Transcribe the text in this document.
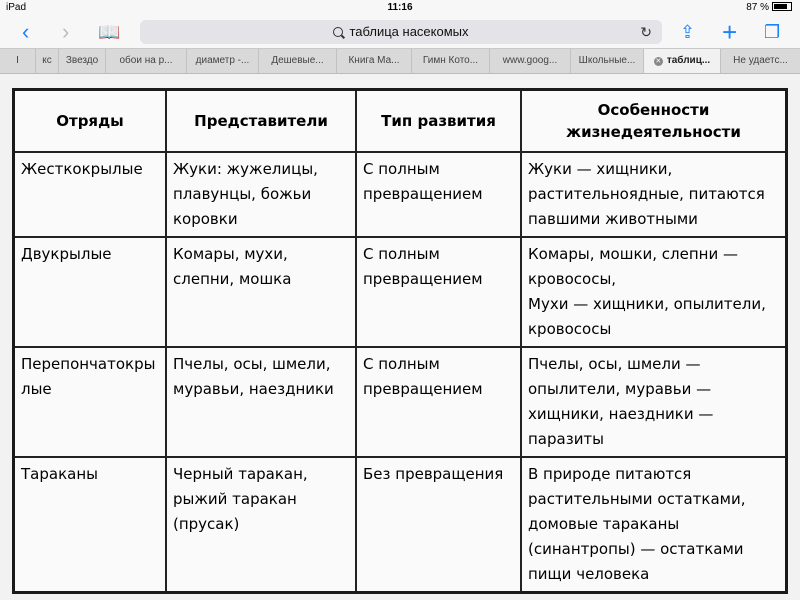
iPad	11:16	87 %
‹ › 📖	таблица насекомых	↻ ⇪ + ❐
Ι	кс	Звездо	обои на р...	диаметр -...	Дешевые...	Книга Ма...	Гимн Кото...	www.goog...	Школьные...	✕ таблиц...	Не удаетс...
Отряды	Представители	Тип развития	Особенности
жизнедеятельности
Жесткокрылые	Жуки: жужелицы, плавунцы, божьи коровки	С полным превращением	Жуки — хищники, растительноядные, питаются павшими животными
Двукрылые	Комары, мухи, слепни, мошка	С полным превращением	Комары, мошки, слепни — кровососы,
Мухи — хищники, опылители, кровососы
Перепончатокрылые	Пчелы, осы, шмели, муравьи, наездники	С полным превращением	Пчелы, осы, шмели — опылители, муравьи — хищники, наездники — паразиты
Тараканы	Черный таракан, рыжий таракан (прусак)	Без превращения	В природе питаются растительными остатками, домовые тараканы (синантропы) — остатками пищи человека
